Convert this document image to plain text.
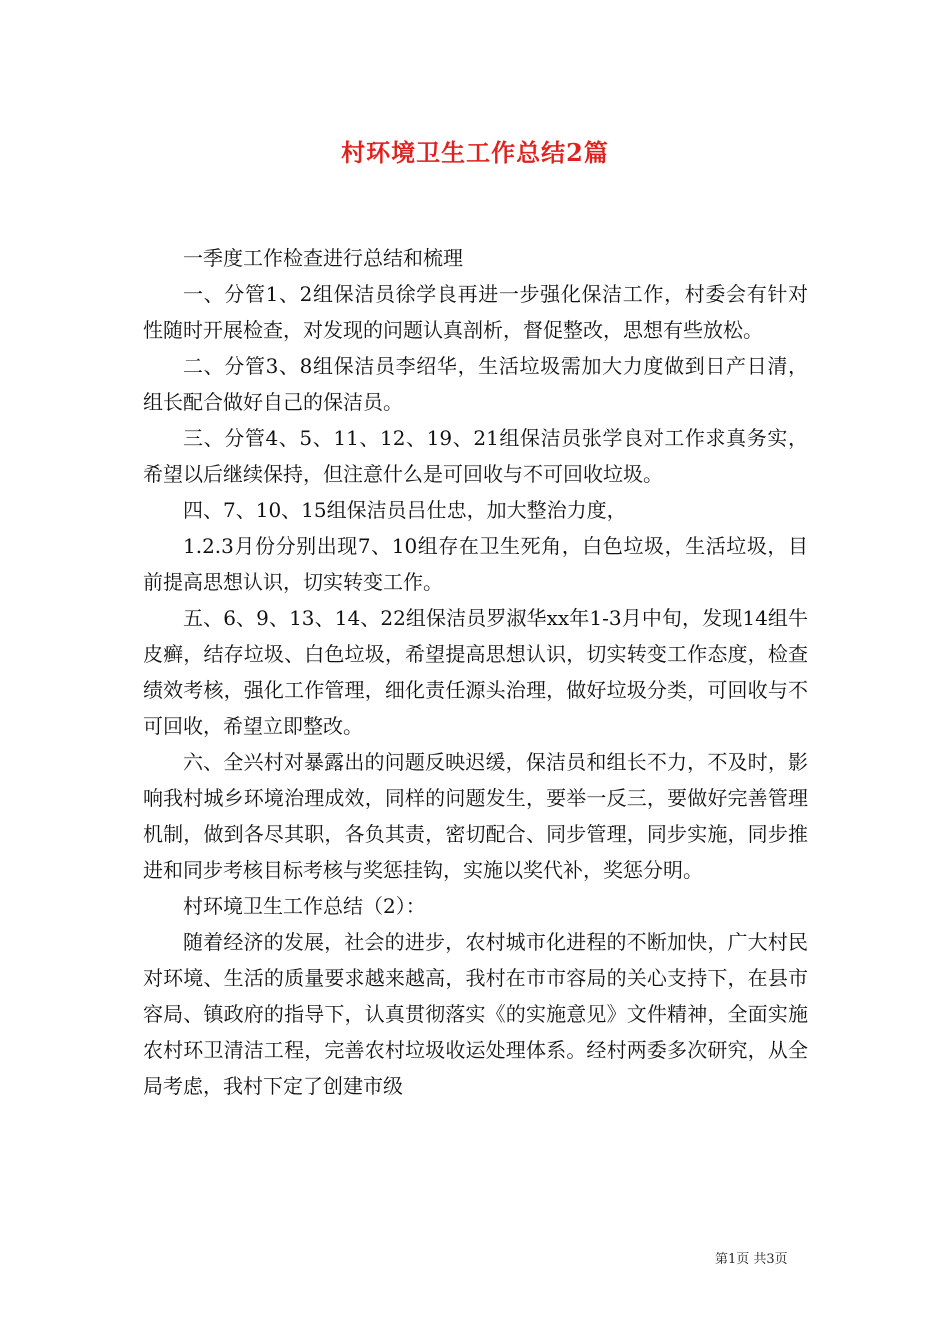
村环境卫生工作总结2篇

一季度工作检查进行总结和梳理

一、分管1、2组保洁员徐学良再进一步强化保洁工作，村委会有针对性随时开展检查，对发现的问题认真剖析，督促整改，思想有些放松。

二、分管3、8组保洁员李绍华，生活垃圾需加大力度做到日产日清，组长配合做好自己的保洁员。

三、分管4、5、11、12、19、21组保洁员张学良对工作求真务实，希望以后继续保持，但注意什么是可回收与不可回收垃圾。

四、7、10、15组保洁员吕仕忠，加大整治力度，

1.2.3月份分别出现7、10组存在卫生死角，白色垃圾，生活垃圾，目前提高思想认识，切实转变工作。

五、6、9、13、14、22组保洁员罗淑华xx年1-3月中旬，发现14组牛皮癣，结存垃圾、白色垃圾，希望提高思想认识，切实转变工作态度，检查绩效考核，强化工作管理，细化责任源头治理，做好垃圾分类，可回收与不可回收，希望立即整改。

六、全兴村对暴露出的问题反映迟缓，保洁员和组长不力，不及时，影响我村城乡环境治理成效，同样的问题发生，要举一反三，要做好完善管理机制，做到各尽其职，各负其责，密切配合、同步管理，同步实施，同步推进和同步考核目标考核与奖惩挂钩，实施以奖代补，奖惩分明。

村环境卫生工作总结（2）：

随着经济的发展，社会的进步，农村城市化进程的不断加快，广大村民对环境、生活的质量要求越来越高，我村在市市容局的关心支持下，在县市容局、镇政府的指导下，认真贯彻落实《的实施意见》文件精神，全面实施农村环卫清洁工程，完善农村垃圾收运处理体系。经村两委多次研究，从全局考虑，我村下定了创建市级

第1页 共3页
